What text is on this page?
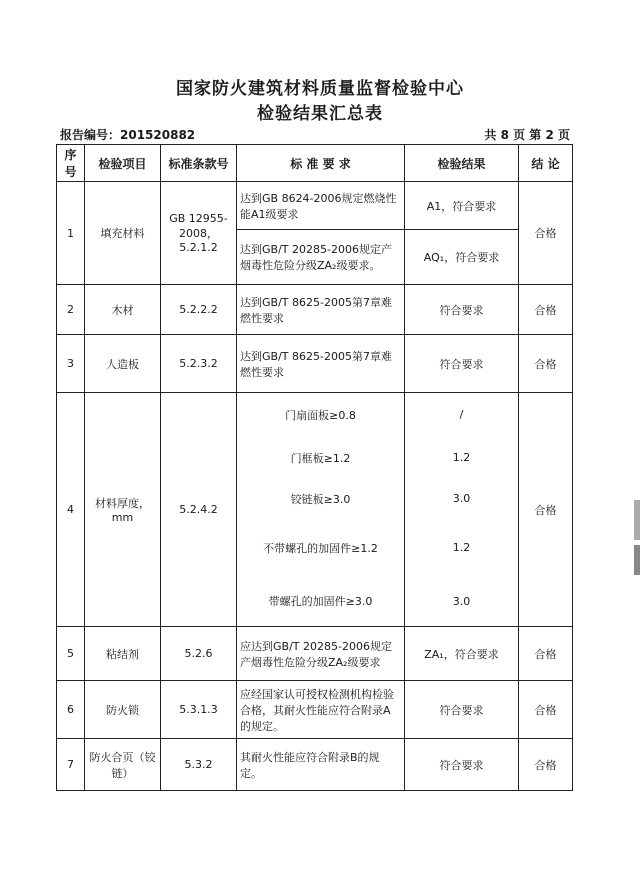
国家防火建筑材料质量监督检验中心
检验结果汇总表
报告编号：201520882	共 8 页 第 2 页
序号	检验项目	标准条款号	标 准 要 求	检验结果	结 论
1	填充材料	GB 12955-2008，5.2.1.2	达到GB 8624-2006规定燃烧性能A1级要求	A1，符合要求	合格
			达到GB/T 20285-2006规定产烟毒性危险分级ZA₂级要求。	AQ₁，符合要求	
2	木材	5.2.2.2	达到GB/T 8625-2005第7章难燃性要求	符合要求	合格
3	人造板	5.2.3.2	达到GB/T 8625-2005第7章难燃性要求	符合要求	合格
4	材料厚度，mm	5.2.4.2	门扇面板≥0.8	/	合格
			门框板≥1.2	1.2	
			铰链板≥3.0	3.0	
			不带螺孔的加固件≥1.2	1.2	
			带螺孔的加固件≥3.0	3.0	
5	粘结剂	5.2.6	应达到GB/T 20285-2006规定产烟毒性危险分级ZA₂级要求	ZA₁，符合要求	合格
6	防火锁	5.3.1.3	应经国家认可授权检测机构检验合格，其耐火性能应符合附录A的规定。	符合要求	合格
7	防火合页（铰链）	5.3.2	其耐火性能应符合附录B的规定。	符合要求	合格
